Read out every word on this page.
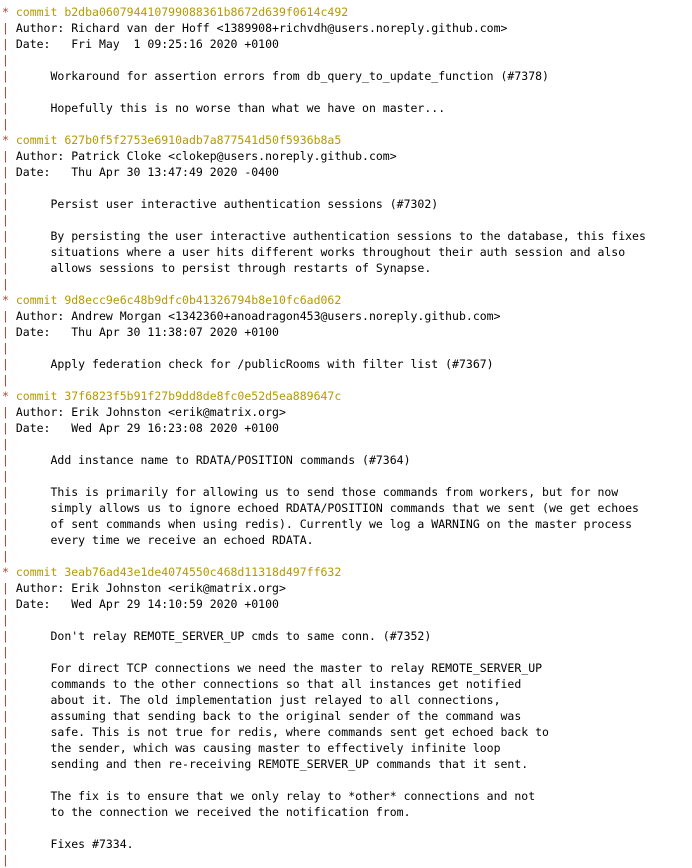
* commit b2dba060794410799088361b8672d639f0614c492
| Author: Richard van der Hoff <1389908+richvdh@users.noreply.github.com>
| Date:   Fri May  1 09:25:16 2020 +0100
|
|      Workaround for assertion errors from db_query_to_update_function (#7378)
|
|      Hopefully this is no worse than what we have on master...
|
* commit 627b0f5f2753e6910adb7a877541d50f5936b8a5
| Author: Patrick Cloke <clokep@users.noreply.github.com>
| Date:   Thu Apr 30 13:47:49 2020 -0400
|
|      Persist user interactive authentication sessions (#7302)
|
|      By persisting the user interactive authentication sessions to the database, this fixes
|      situations where a user hits different works throughout their auth session and also
|      allows sessions to persist through restarts of Synapse.
|
* commit 9d8ecc9e6c48b9dfc0b41326794b8e10fc6ad062
| Author: Andrew Morgan <1342360+anoadragon453@users.noreply.github.com>
| Date:   Thu Apr 30 11:38:07 2020 +0100
|
|      Apply federation check for /publicRooms with filter list (#7367)
|
* commit 37f6823f5b91f27b9dd8de8fc0e52d5ea889647c
| Author: Erik Johnston <erik@matrix.org>
| Date:   Wed Apr 29 16:23:08 2020 +0100
|
|      Add instance name to RDATA/POSITION commands (#7364)
|
|      This is primarily for allowing us to send those commands from workers, but for now
|      simply allows us to ignore echoed RDATA/POSITION commands that we sent (we get echoes
|      of sent commands when using redis). Currently we log a WARNING on the master process
|      every time we receive an echoed RDATA.
|
* commit 3eab76ad43e1de4074550c468d11318d497ff632
| Author: Erik Johnston <erik@matrix.org>
| Date:   Wed Apr 29 14:10:59 2020 +0100
|
|      Don't relay REMOTE_SERVER_UP cmds to same conn. (#7352)
|
|      For direct TCP connections we need the master to relay REMOTE_SERVER_UP
|      commands to the other connections so that all instances get notified
|      about it. The old implementation just relayed to all connections,
|      assuming that sending back to the original sender of the command was
|      safe. This is not true for redis, where commands sent get echoed back to
|      the sender, which was causing master to effectively infinite loop
|      sending and then re-receiving REMOTE_SERVER_UP commands that it sent.
|
|      The fix is to ensure that we only relay to *other* connections and not
|      to the connection we received the notification from.
|
|      Fixes #7334.
|
